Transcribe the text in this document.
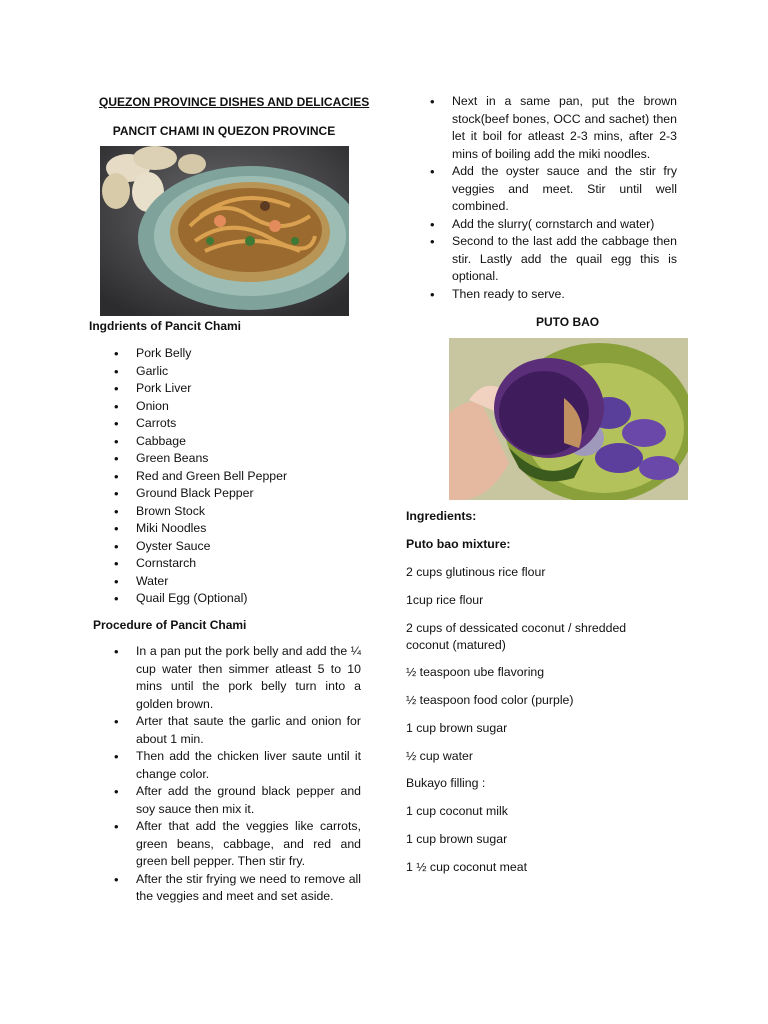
QUEZON PROVINCE DISHES AND DELICACIES
PANCIT CHAMI IN QUEZON PROVINCE
Ingdrients of Pancit Chami
• Pork Belly
• Garlic
• Pork Liver
• Onion
• Carrots
• Cabbage
• Green Beans
• Red and Green Bell Pepper
• Ground Black Pepper
• Brown Stock
• Miki Noodles
• Oyster Sauce
• Cornstarch
• Water
• Quail Egg (Optional)
Procedure of Pancit Chami
• In a pan put the pork belly and add the ¼ cup water then simmer atleast 5 to 10 mins until the pork belly turn into a golden brown.
• Arter that saute the garlic and onion for about 1 min.
• Then add the chicken liver saute until it change color.
• After add the ground black pepper and soy sauce then mix it.
• After that add the veggies like carrots, green beans, cabbage, and red and green bell pepper. Then stir fry.
• After the stir frying we need to remove all the veggies and meet and set aside.
• Next in a same pan, put the brown stock(beef bones, OCC and sachet) then let it boil for atleast 2-3 mins, after 2-3 mins of boiling add the miki noodles.
• Add the oyster sauce and the stir fry veggies and meet. Stir until well combined.
• Add the slurry( cornstarch and water)
• Second to the last add the cabbage then stir. Lastly add the quail egg this is optional.
• Then ready to serve.
PUTO BAO
Ingredients:
Puto bao mixture:
2 cups glutinous rice flour
1cup rice flour
2 cups of dessicated coconut / shredded coconut (matured)
½ teaspoon ube flavoring
½ teaspoon food color (purple)
1 cup brown sugar
½ cup water
Bukayo filling :
1 cup coconut milk
1 cup brown sugar
1 ½ cup coconut meat
